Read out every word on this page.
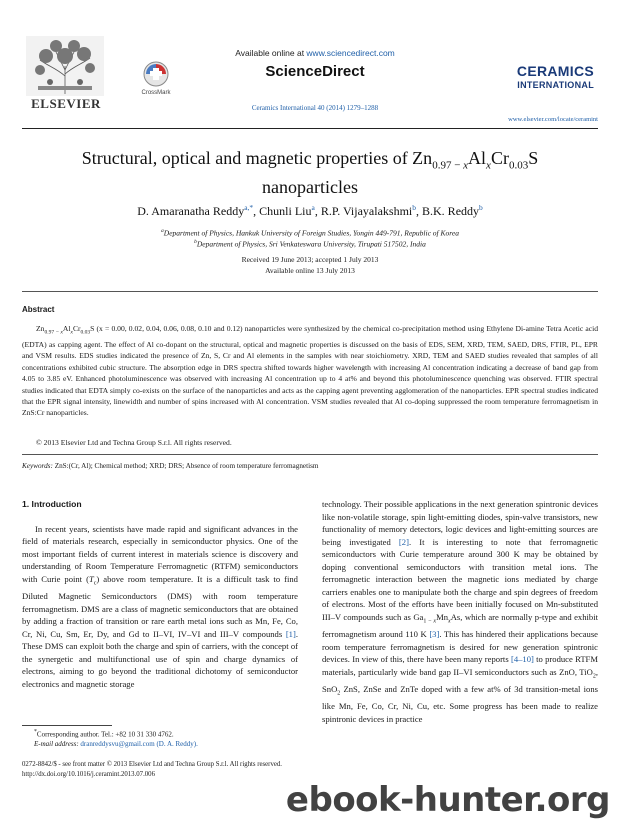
ELSEVIER
CrossMark
Available online at www.sciencedirect.com
ScienceDirect
Ceramics International 40 (2014) 1279–1288
CERAMICS
INTERNATIONAL
www.elsevier.com/locate/ceramint
Structural, optical and magnetic properties of $Zn_{0.97 - x}Al_xCr_{0.03}S$
nanoparticles
D. Amaranatha Reddy$^{a,*}$, Chunli Liu$^a$, R.P. Vijayalakshmi$^b$, B.K. Reddy$^b$
$^a$Department of Physics, Hankuk University of Foreign Studies, Yongin 449-791, Republic of Korea
$^b$Department of Physics, Sri Venkateswara University, Tirupati 517502, India
Received 19 June 2013; accepted 1 July 2013
Available online 13 July 2013
Abstract
$Zn_{0.97 - x}Al_xCr_{0.03}S$ (x = 0.00, 0.02, 0.04, 0.06, 0.08, 0.10 and 0.12) nanoparticles were synthesized by the chemical co-precipitation method using Ethylene Di-amine Tetra Acetic acid (EDTA) as capping agent. The effect of Al co-dopant on the structural, optical and magnetic properties is discussed on the basis of EDS, SEM, XRD, TEM, SAED, DRS, FTIR, PL, EPR and VSM results. EDS studies indicated the presence of Zn, S, Cr and Al elements in the samples with near stoichiometry. XRD, TEM and SAED studies revealed that samples of all concentrations exhibited cubic structure. The absorption edge in DRS spectra shifted towards higher wavelength with increasing Al concentration indicating a decrease of band gap from 4.05 to 3.85 eV. Enhanced photoluminescence was observed with increasing Al concentration up to 4 at% and beyond this photoluminescence quenching was observed. FTIR spectral studies indicated that EDTA simply co-exists on the surface of the nanoparticles and acts as the capping agent preventing agglomeration of the nanoparticles. EPR spectral studies indicated that the EPR signal intensity, linewidth and number of spins increased with Al concentration. VSM studies revealed that Al co-doping suppressed the room temperature ferromagnetism in ZnS:Cr nanoparticles.
© 2013 Elsevier Ltd and Techna Group S.r.l. All rights reserved.
Keywords: ZnS:(Cr, Al); Chemical method; XRD; DRS; Absence of room temperature ferromagnetism

1. Introduction

In recent years, scientists have made rapid and significant advances in the field of materials research, especially in semiconductor physics. One of the most important fields of current interest in materials science is discovery and understanding of Room Temperature Ferromagnetic (RTFM) semiconductors with Curie point $(T_c)$ above room temperature. It is a difficult task to find Diluted Magnetic Semiconductors (DMS) with room temperature ferromagnetism. DMS are a class of magnetic semiconductors that are obtained by adding a fraction of transition or rare earth metal ions such as Mn, Fe, Co, Cr, Ni, Cu, Sm, Er, Dy, and Gd to II–VI, IV–VI and III–V compounds [1]. These DMS can exploit both the charge and spin of carriers, with the concept of the synergetic and multifunctional use of spin and charge dynamics of electrons, aiming to go beyond the traditional dichotomy of semiconductor electronics and magnetic storage

technology. Their possible applications in the next generation spintronic devices like non-volatile storage, spin light-emitting diodes, spin-valve transistors, new functionality of memory detectors, logic devices and light-emitting sources are being investigated [2]. It is interesting to note that ferromagnetic semiconductors with Curie temperature around 300 K may be obtained by doping conventional semiconductors with transition metal ions. The ferromagnetic interaction between the magnetic ions mediated by charge carriers enables one to manipulate both the charge and spin degrees of freedom of electrons. Most of the efforts have been initially focused on Mn-substituted III–V compounds such as $Ga_{1 - x}Mn_xAs$, which are normally p-type and exhibit ferromagnetism around 110 K [3]. This has hindered their applications because room temperature ferromagnetism is desired for new generation spintronic devices. In view of this, there have been many reports [4–10] to produce RTFM materials, particularly wide band gap II–VI semiconductors such as ZnO, TiO$_2$, SnO$_2$ ZnS, ZnSe and ZnTe doped with a few at% of 3d transition-metal ions like Mn, Fe, Co, Cr, Ni, Cu, etc. Some progress has been made to realize spintronic devices in practice

*Corresponding author. Tel.: +82 10 31 330 4762.
E-mail address: dranreddysvu@gmail.com (D. A. Reddy).
0272-8842/$ - see front matter © 2013 Elsevier Ltd and Techna Group S.r.l. All rights reserved.
http://dx.doi.org/10.1016/j.ceramint.2013.07.006
ebook-hunter.org
